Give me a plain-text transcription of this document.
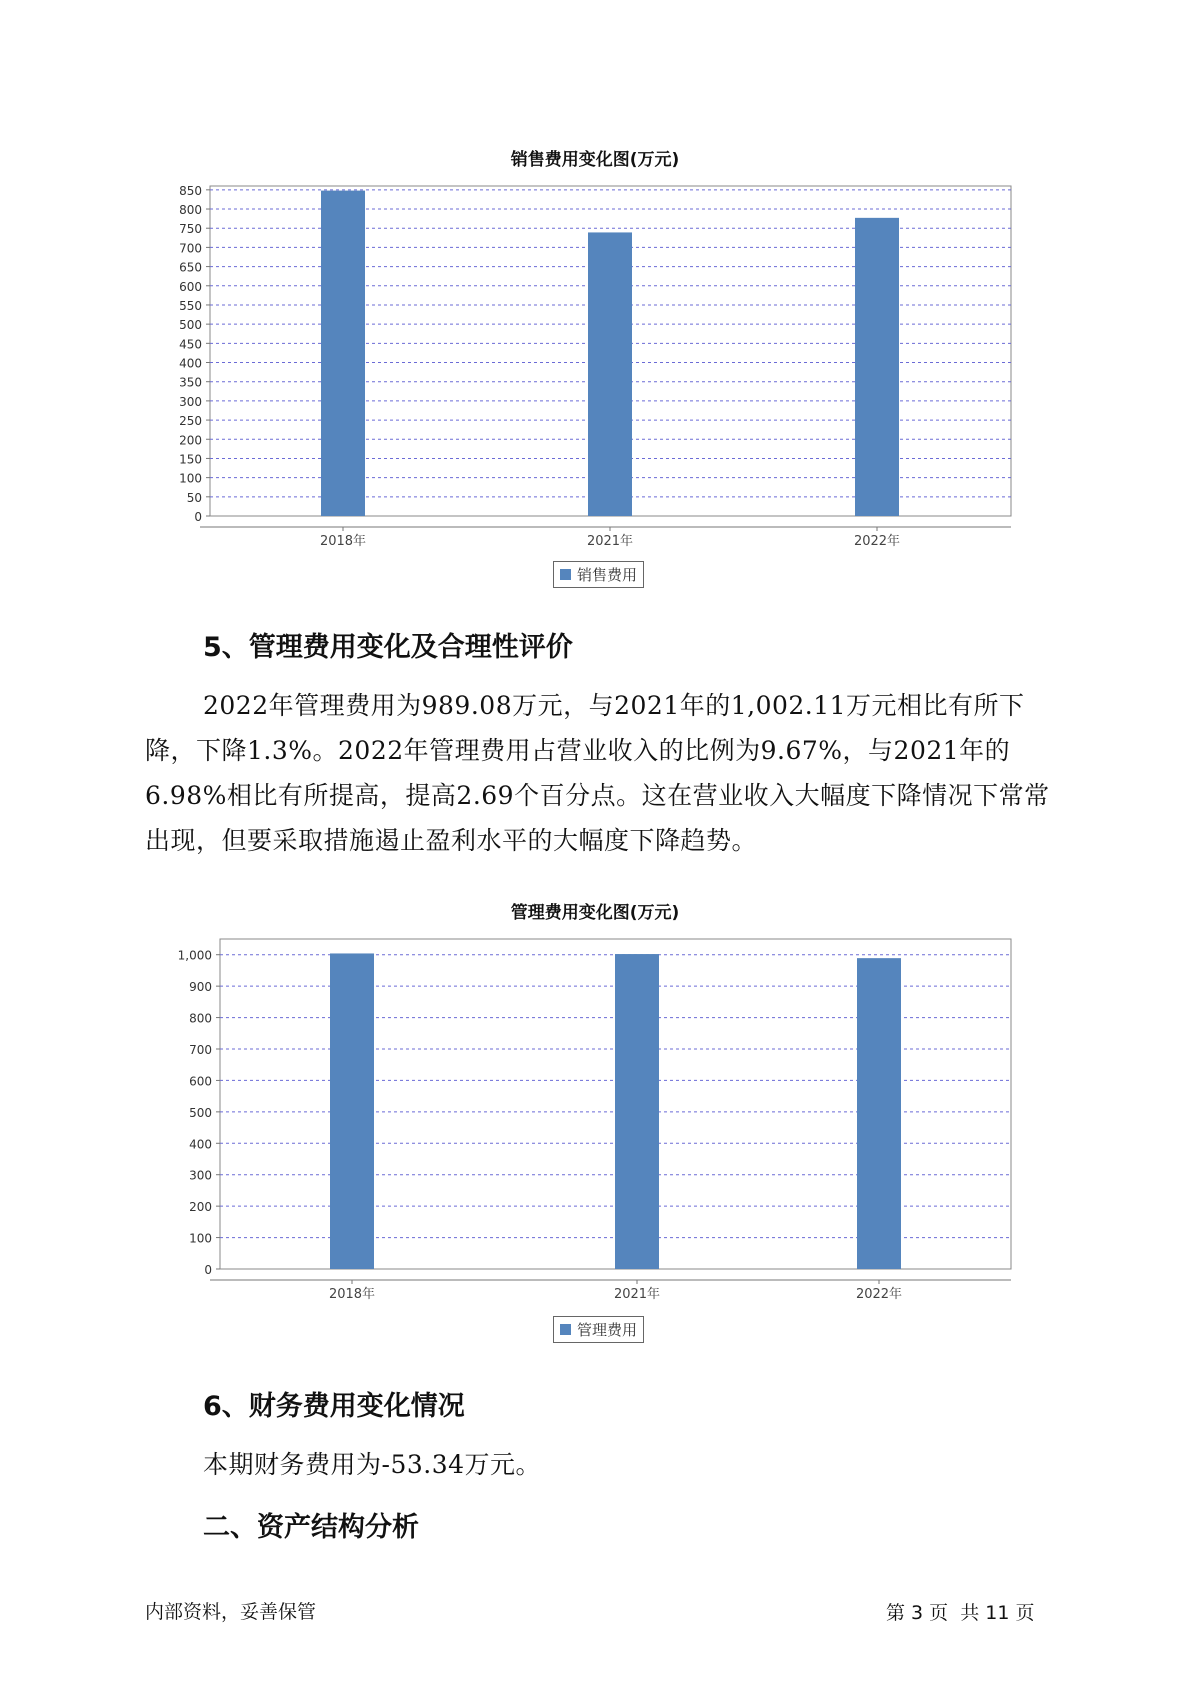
销售费用变化图(万元)
0
50
100
150
200
250
300
350
400
450
500
550
600
650
700
750
800
850
2018年	2021年	2022年
销售费用
5、管理费用变化及合理性评价

2022年管理费用为989.08万元，与2021年的1,002.11万元相比有所下降，下降1.3%。2022年管理费用占营业收入的比例为9.67%，与2021年的6.98%相比有所提高，提高2.69个百分点。这在营业收入大幅度下降情况下常常出现，但要采取措施遏止盈利水平的大幅度下降趋势。

管理费用变化图(万元)
0
100
200
300
400
500
600
700
800
900
1,000
2018年	2021年	2022年
管理费用
6、财务费用变化情况

本期财务费用为-53.34万元。

二、资产结构分析
内部资料，妥善保管	第 3 页  共 11 页
